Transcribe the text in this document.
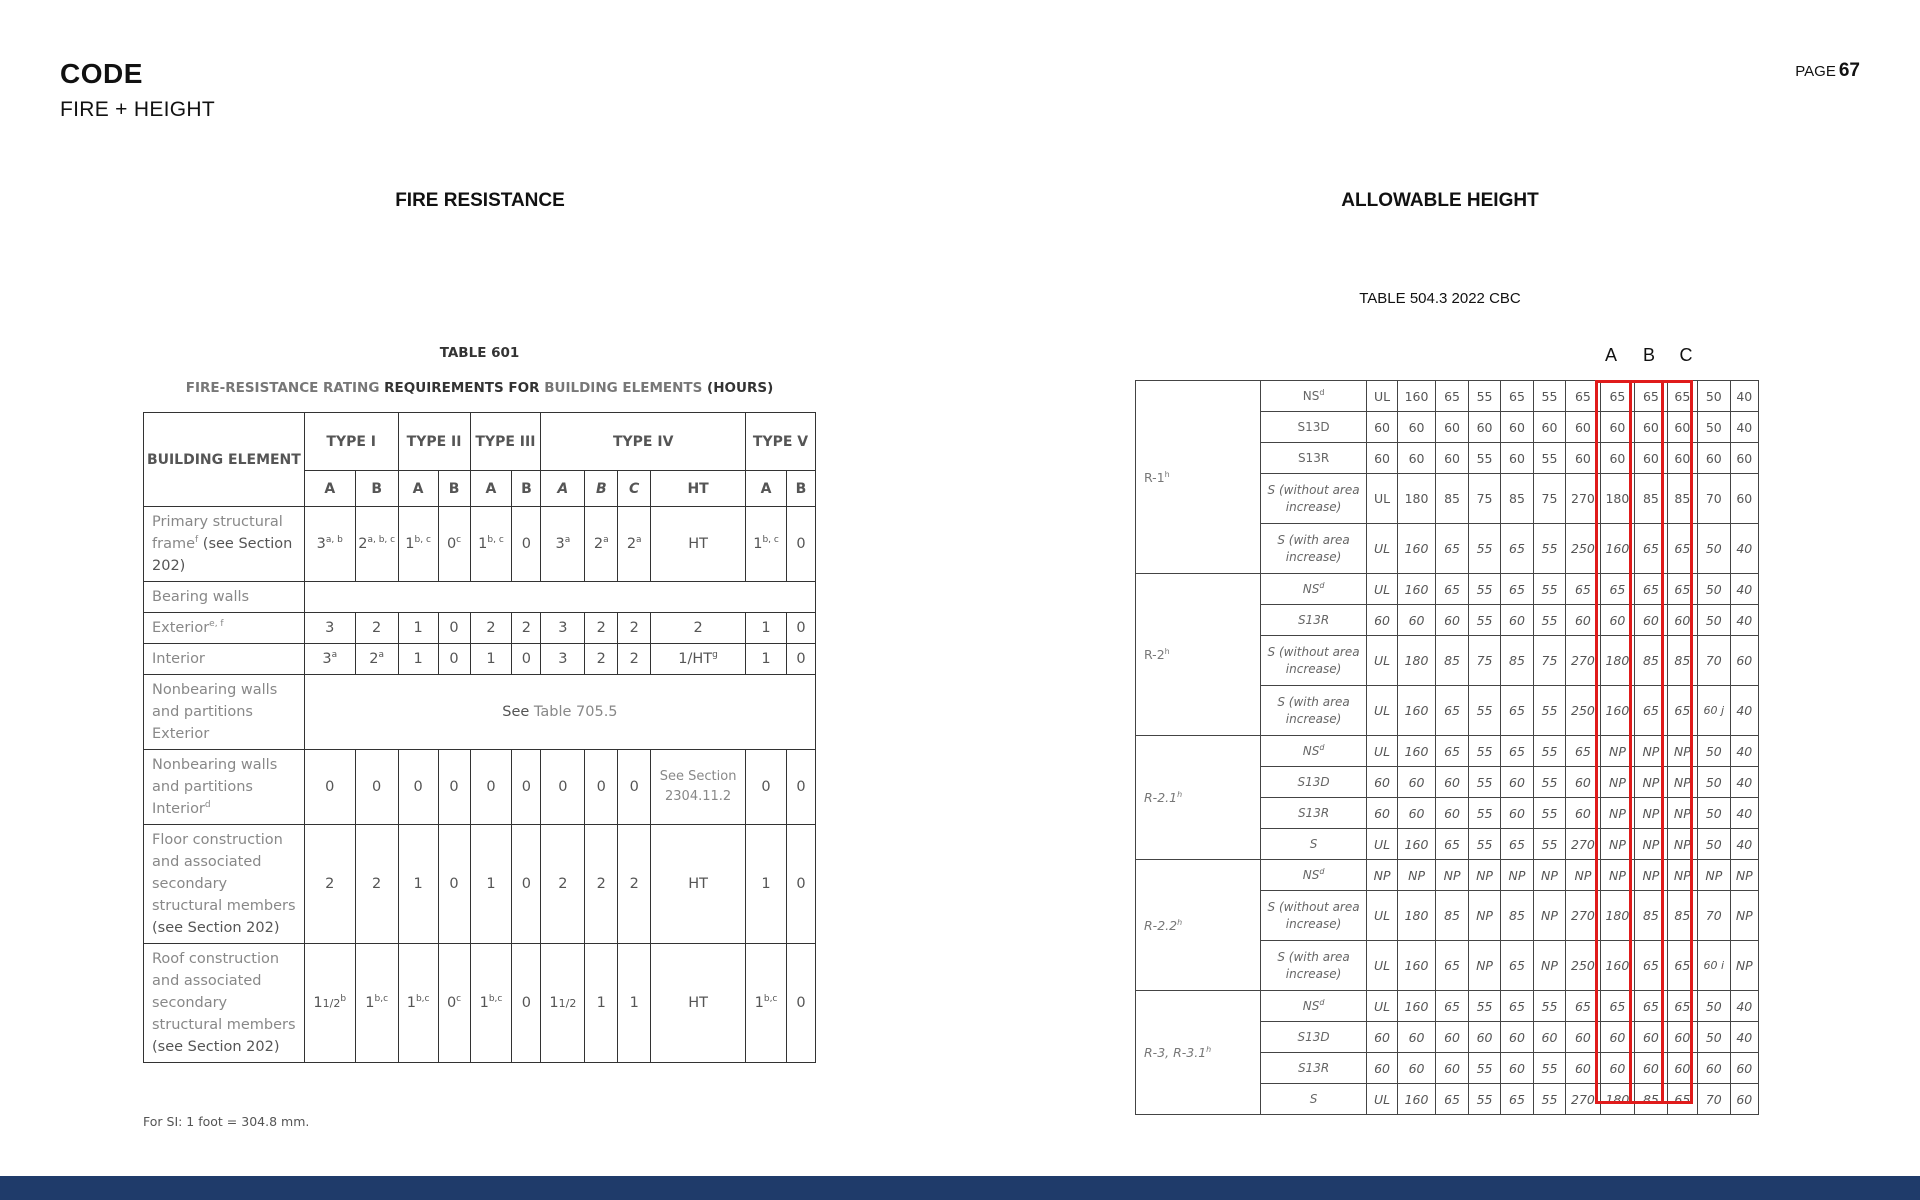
CODE
FIRE + HEIGHT
PAGE 67
FIRE RESISTANCE	ALLOWABLE HEIGHT
TABLE 601
FIRE-RESISTANCE RATING REQUIREMENTS FOR BUILDING ELEMENTS (HOURS)
BUILDING ELEMENT	TYPE I		TYPE II		TYPE III		TYPE IV				TYPE V	
	A	B	A	B	A	B	A	B	C	HT	A	B
Primary structural frame$^f$ (see Section 202)	3$^{a, b}$	2$^{a, b, c}$	1$^{b, c}$	0$^c$	1$^{b, c}$	0	3$^a$	2$^a$	2$^a$	HT	1$^{b, c}$	0
Bearing walls												
Exterior$^{e, f}$	3	2	1	0	2	2	3	2	2	2	1	0
Interior	3$^a$	2$^a$	1	0	1	0	3	2	2	$1/HT^g$	1	0
Nonbearing walls and partitions Exterior	See Table 705.5											
Nonbearing walls and partitions Interior$^d$	0	0	0	0	0	0	0	0	0	See Section 2304.11.2	0	0
Floor construction and associated secondary structural members (see Section 202)	2	2	1	0	1	0	2	2	2	HT	1	0
Roof construction and associated secondary structural members (see Section 202)	11/2$^b$	1$^{b,c}$	1$^{b,c}$	0$^c$	1$^{b,c}$	0	11/2	1	1	HT	1$^{b,c}$	0
For SI: 1 foot = 304.8 mm.
TABLE 504.3 2022 CBC
A	B	C
R-1$^h$	$NS^d$	UL	160	65	55	65	55	65	65	65	65	50	40
	S13D	60	60	60	60	60	60	60	60	60	60	50	40
	S13R	60	60	60	55	60	55	60	60	60	60	60	60
	S (without area increase)	UL	180	85	75	85	75	270	180	85	85	70	60
	S (with area increase)	UL	160	65	55	65	55	250	160	65	65	50	40
R-2$^h$	$NS^d$	UL	160	65	55	65	55	65	65	65	65	50	40
	S13R	60	60	60	55	60	55	60	60	60	60	50	40
	S (without area increase)	UL	180	85	75	85	75	270	180	85	85	70	60
	S (with area increase)	UL	160	65	55	65	55	250	160	65	65	60 j	40
R-2.1$^h$	$NS^d$	UL	160	65	55	65	55	65	NP	NP	NP	50	40
	S13D	60	60	60	55	60	55	60	NP	NP	NP	50	40
	S13R	60	60	60	55	60	55	60	NP	NP	NP	50	40
	S	UL	160	65	55	65	55	270	NP	NP	NP	50	40
R-2.2$^h$	$NS^d$	NP	NP	NP	NP	NP	NP	NP	NP	NP	NP	NP	NP
	S (without area increase)	UL	180	85	NP	85	NP	270	180	85	85	70	NP
	S (with area increase)	UL	160	65	NP	65	NP	250	160	65	65	60 i	NP
R-3, R-3.1$^h$	$NS^d$	UL	160	65	55	65	55	65	65	65	65	50	40
	S13D	60	60	60	60	60	60	60	60	60	60	50	40
	S13R	60	60	60	55	60	55	60	60	60	60	60	60
	S	UL	160	65	55	65	55	270	180	85	65	70	60
